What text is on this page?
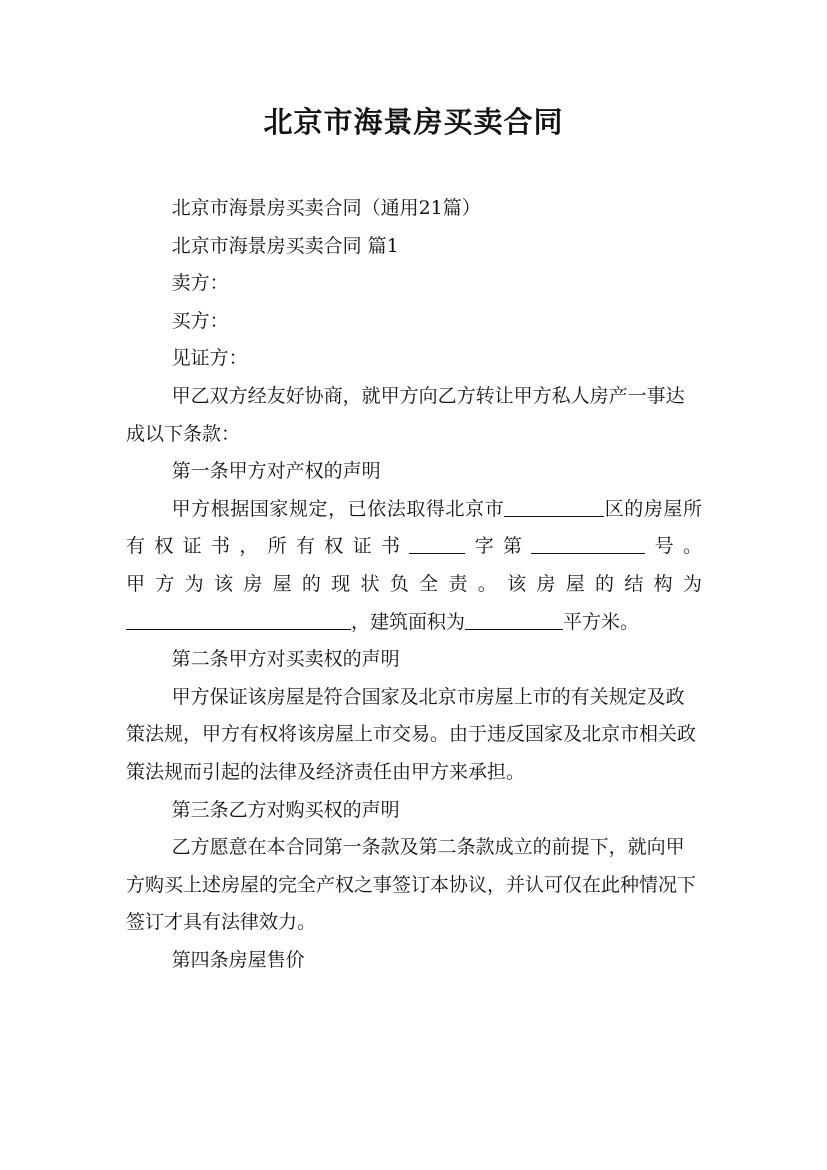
北京市海景房买卖合同

北京市海景房买卖合同（通用21篇）

北京市海景房买卖合同 篇1

卖方：

买方：

见证方：

甲乙双方经友好协商，就甲方向乙方转让甲方私人房产一事达成以下条款：

第一条甲方对产权的声明

甲方根据国家规定，已依法取得北京市	区的房屋所有权证书，所有权证书	字第	号。

甲方为该房屋的现状负全责。该房屋的结构为

，建筑面积为	平方米。

第二条甲方对买卖权的声明

甲方保证该房屋是符合国家及北京市房屋上市的有关规定及政策法规，甲方有权将该房屋上市交易。由于违反国家及北京市相关政策法规而引起的法律及经济责任由甲方来承担。

第三条乙方对购买权的声明

乙方愿意在本合同第一条款及第二条款成立的前提下，就向甲方购买上述房屋的完全产权之事签订本协议，并认可仅在此种情况下签订才具有法律效力。

第四条房屋售价
